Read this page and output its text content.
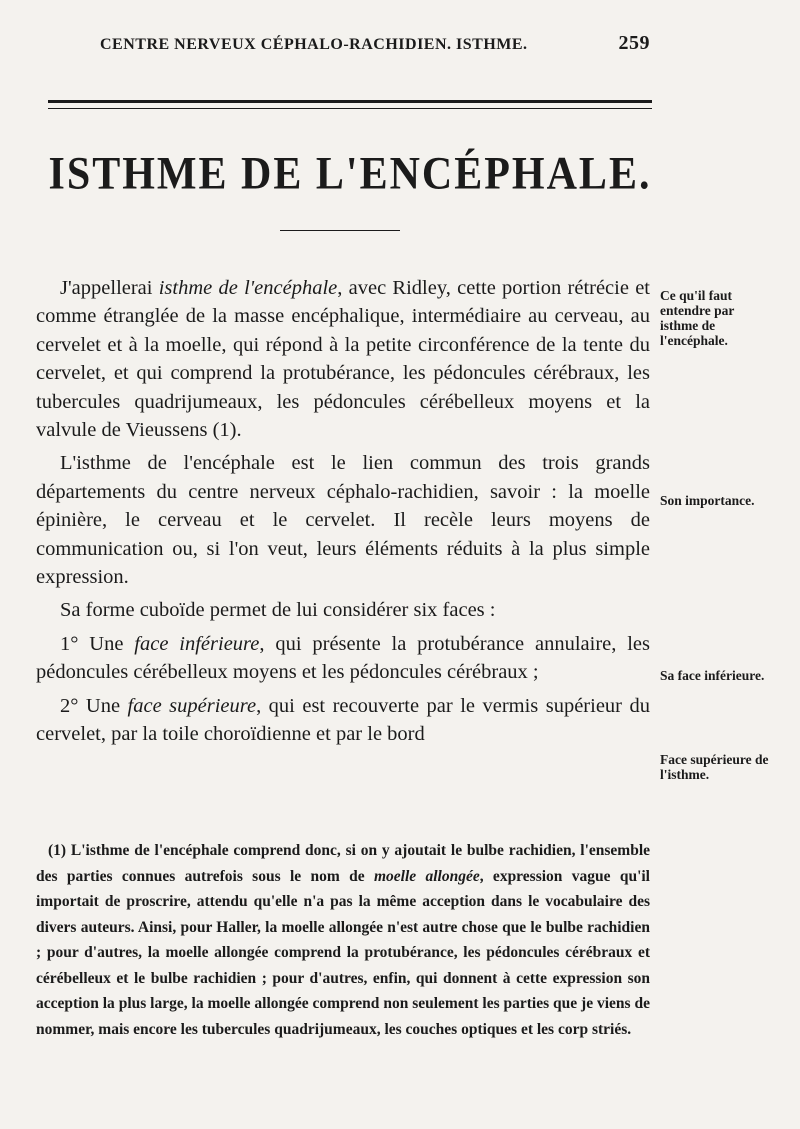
CENTRE NERVEUX CÉPHALO-RACHIDIEN. ISTHME.	259
ISTHME DE L'ENCÉPHALE.

J'appellerai isthme de l'encéphale, avec Ridley, cette portion rétrécie et comme étranglée de la masse encéphalique, intermédiaire au cerveau, au cervelet et à la moelle, qui répond à la petite circonférence de la tente du cervelet, et qui comprend la protubérance, les pédoncules cérébraux, les tubercules quadrijumeaux, les pédoncules cérébelleux moyens et la valvule de Vieussens (1).

L'isthme de l'encéphale est le lien commun des trois grands départements du centre nerveux céphalo-rachidien, savoir : la moelle épinière, le cerveau et le cervelet. Il recèle leurs moyens de communication ou, si l'on veut, leurs éléments réduits à la plus simple expression.

Sa forme cuboïde permet de lui considérer six faces :

1° Une face inférieure, qui présente la protubérance annulaire, les pédoncules cérébelleux moyens et les pédoncules cérébraux ;

2° Une face supérieure, qui est recouverte par le vermis supérieur du cervelet, par la toile choroïdienne et par le bord

Ce qu'il faut entendre par isthme de l'encéphale.
Son importance.
Sa face inférieure.
Face supérieure de l'isthme.

(1) L'isthme de l'encéphale comprend donc, si on y ajoutait le bulbe rachidien, l'ensemble des parties connues autrefois sous le nom de moelle allongée, expression vague qu'il importait de proscrire, attendu qu'elle n'a pas la même acception dans le vocabulaire des divers auteurs. Ainsi, pour Haller, la moelle allongée n'est autre chose que le bulbe rachidien ; pour d'autres, la moelle allongée comprend la protubérance, les pédoncules cérébraux et cérébelleux et le bulbe rachidien ; pour d'autres, enfin, qui donnent à cette expression son acception la plus large, la moelle allongée comprend non seulement les parties que je viens de nommer, mais encore les tubercules quadrijumeaux, les couches optiques et les corp striés.
